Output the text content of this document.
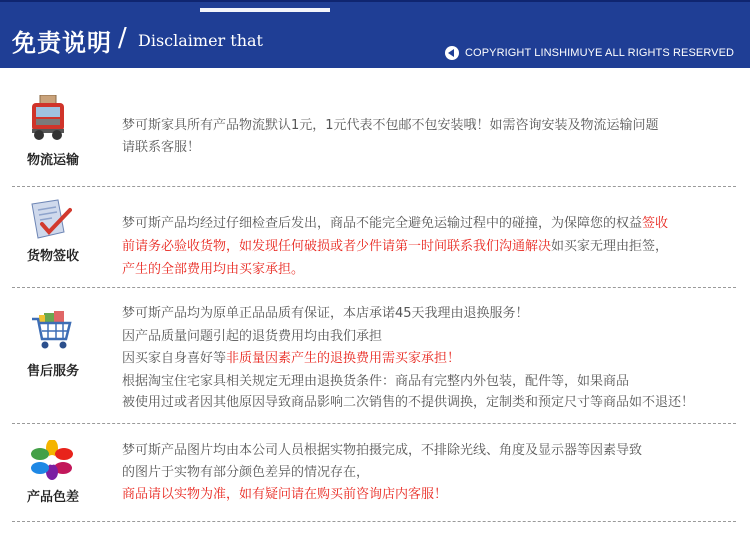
免责说明 / Disclaimer that
COPYRIGHT LINSHIMUYE ALL RIGHTS RESERVED
物流运输
梦可斯家具所有产品物流默认1元，1元代表不包邮不包安装哦！如需咨询安装及物流运输问题
请联系客服！
货物签收
梦可斯产品均经过仔细检查后发出，商品不能完全避免运输过程中的碰撞，为保障您的权益签收
前请务必验收货物，如发现任何破损或者少件请第一时间联系我们沟通解决如买家无理由拒签，
产生的全部费用均由买家承担。
售后服务
梦可斯产品均为原单正品品质有保证，本店承诺45天我理由退换服务！
因产品质量问题引起的退货费用均由我们承担
因买家自身喜好等非质量因素产生的退换费用需买家承担！
根据淘宝住宅家具相关规定无理由退换货条件：商品有完整内外包装，配件等，如果商品
被使用过或者因其他原因导致商品影响二次销售的不提供调换，定制类和预定尺寸等商品如不退还！
产品色差
梦可斯产品图片均由本公司人员根据实物拍摄完成，不排除光线、角度及显示器等因素导致
的图片于实物有部分颜色差异的情况存在，
商品请以实物为准，如有疑问请在购买前咨询店内客服！
